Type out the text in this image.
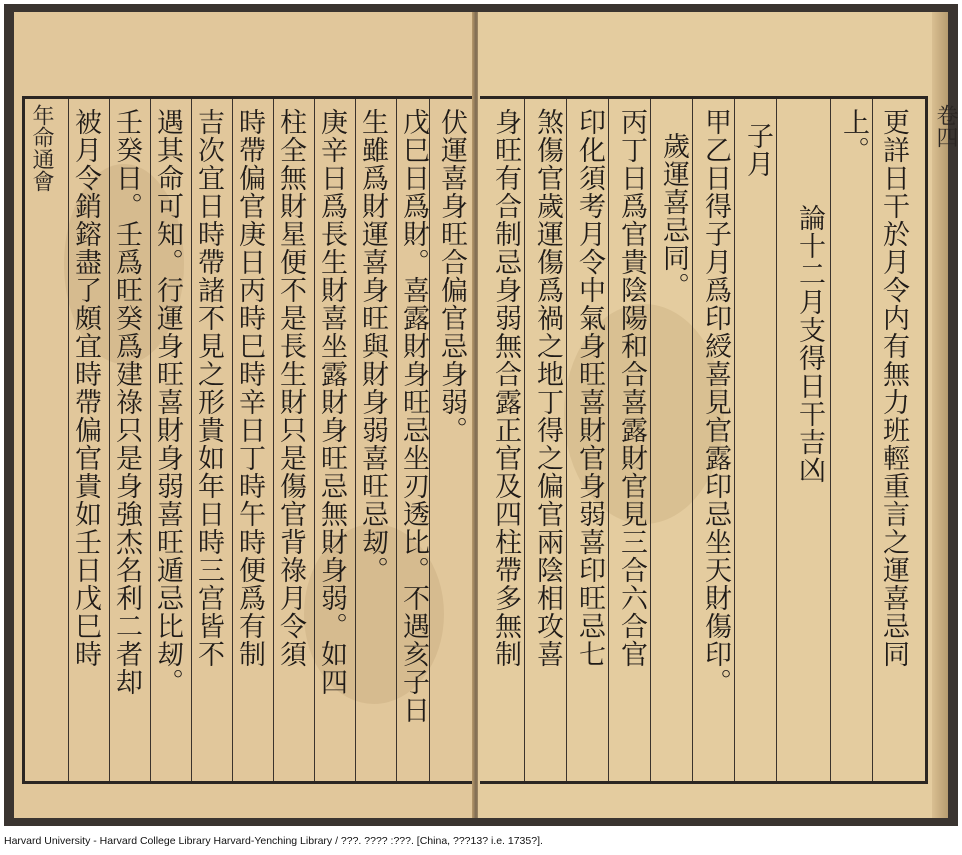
年命通會	伏運喜身旺合偏官忌身弱。
戊巳日爲財。喜露財身旺忌坐刃透比。不遇亥子日
生雖爲財運喜身旺與財身弱喜旺忌刼。
庚辛日爲長生財喜坐露財身旺忌無財身弱。如四
柱全無財星便不是長生財只是傷官背祿月令須
時帶偏官庚日丙時巳時辛日丁時午時便爲有制
吉次宜日時帶諸不見之形貴如年日時三宫皆不
遇其命可知。行運身旺喜財身弱喜旺遁忌比刼。
壬癸日。壬爲旺癸爲建祿只是身強杰名利二者却
被月令銷鎔盡了頗宜時帶偏官貴如壬日戊巳時	更詳日干於月令内有無力班輕重言之運喜忌同
上。
論十二月支得日干吉凶
子月
甲乙日得子月爲印綬喜見官露印忌坐天財傷印。
歲運喜忌同。
丙丁日爲官貴陰陽和合喜露財官見三合六合官
印化須考月令中氣身旺喜財官身弱喜印旺忌七
煞傷官歲運傷爲禍之地丁得之偏官兩陰相攻喜
身旺有合制忌身弱無合露正官及四柱帶多無制	卷四
Harvard University - Harvard College Library Harvard-Yenching Library / ???. ???? :???. [China, ???13? i.e. 1735?].
